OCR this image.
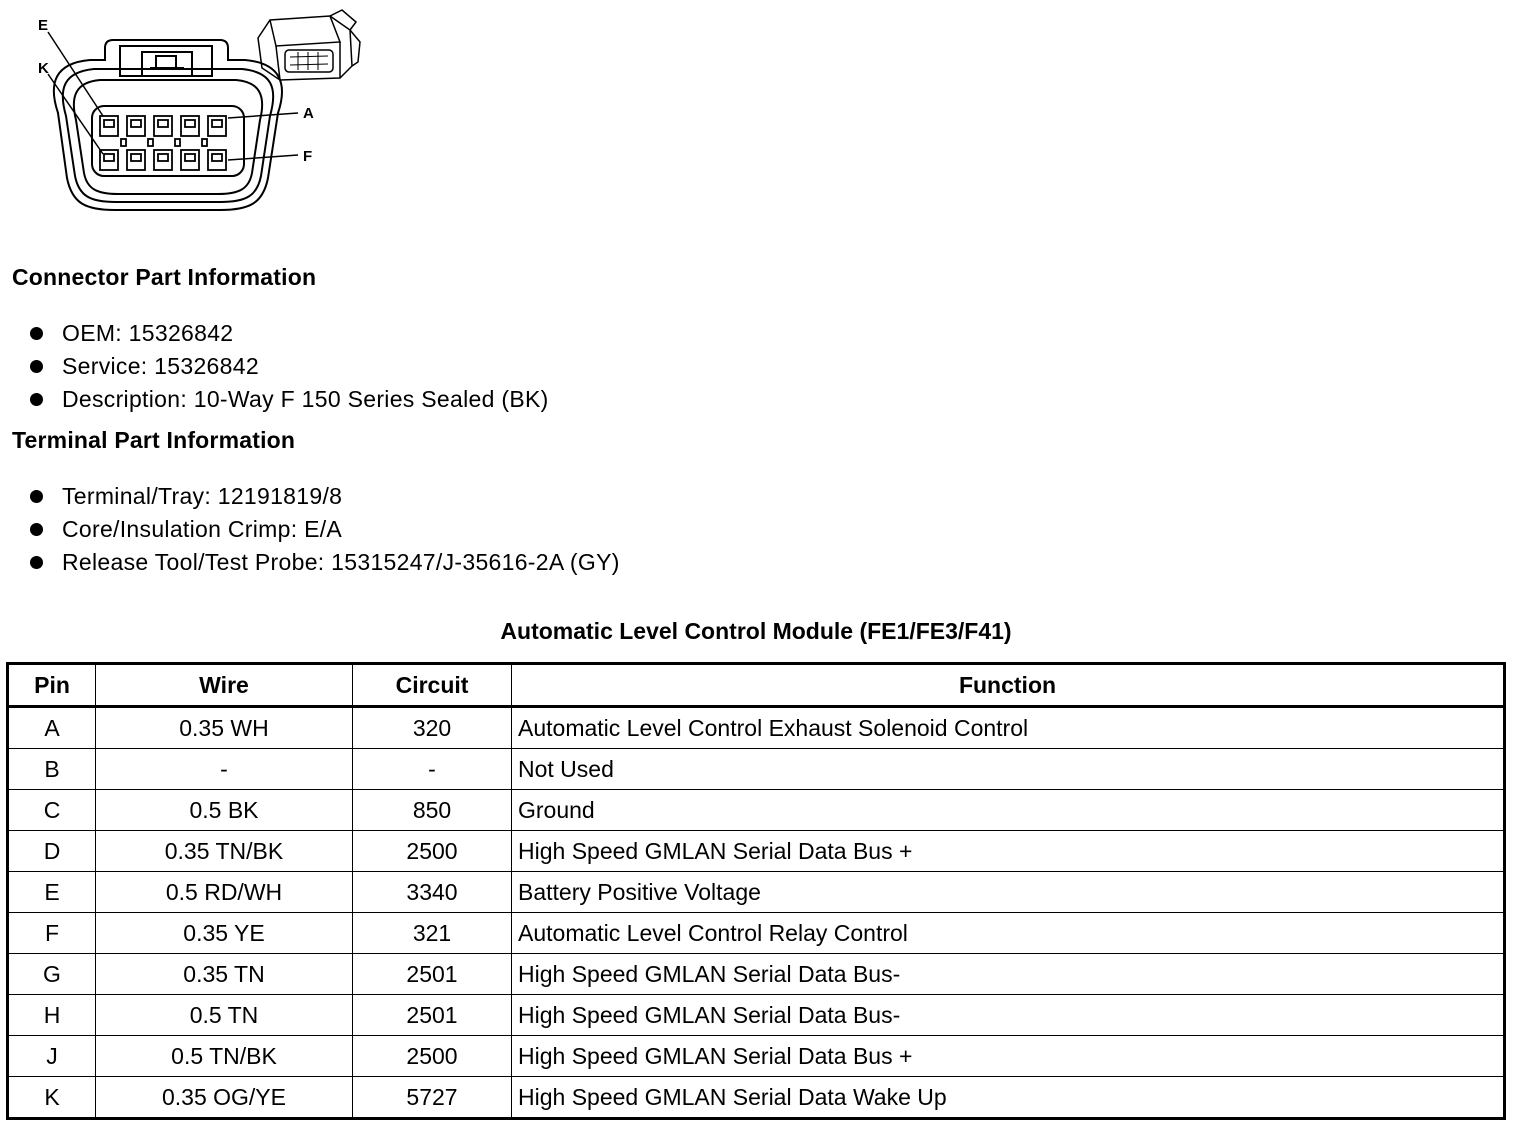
E
K
A
F
Connector Part Information
OEM: 15326842
Service: 15326842
Description: 10-Way F 150 Series Sealed (BK)
Terminal Part Information
Terminal/Tray: 12191819/8
Core/Insulation Crimp: E/A
Release Tool/Test Probe: 15315247/J-35616-2A (GY)
Automatic Level Control Module (FE1/FE3/F41)
Pin	Wire	Circuit	Function
A	0.35 WH	320	Automatic Level Control Exhaust Solenoid Control
B	-	-	Not Used
C	0.5 BK	850	Ground
D	0.35 TN/BK	2500	High Speed GMLAN Serial Data Bus +
E	0.5 RD/WH	3340	Battery Positive Voltage
F	0.35 YE	321	Automatic Level Control Relay Control
G	0.35 TN	2501	High Speed GMLAN Serial Data Bus-
H	0.5 TN	2501	High Speed GMLAN Serial Data Bus-
J	0.5 TN/BK	2500	High Speed GMLAN Serial Data Bus +
K	0.35 OG/YE	5727	High Speed GMLAN Serial Data Wake Up
